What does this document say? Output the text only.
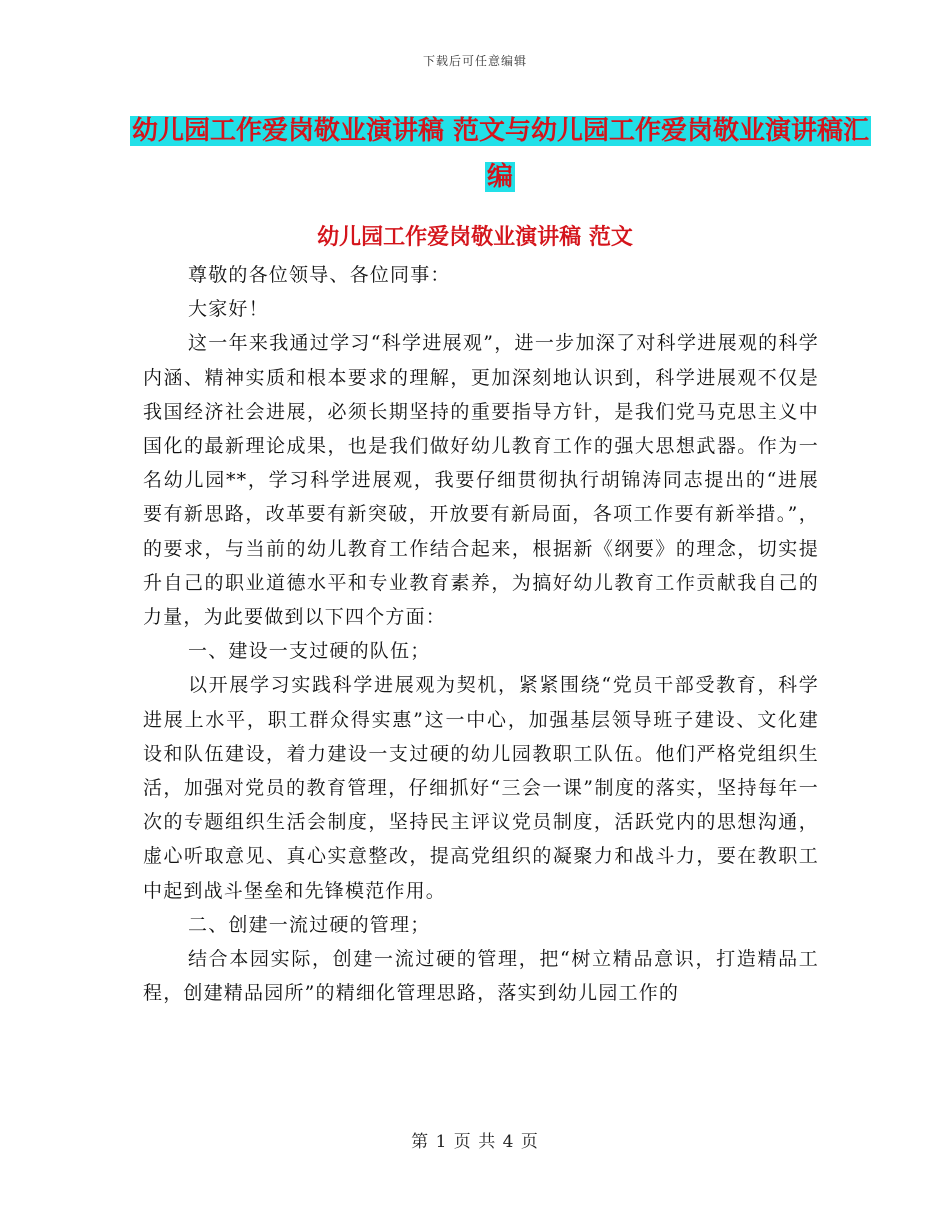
下载后可任意编辑
幼儿园工作爱岗敬业演讲稿 范文与幼儿园工作爱岗敬业演讲稿汇编
幼儿园工作爱岗敬业演讲稿 范文

尊敬的各位领导、各位同事：

大家好！

这一年来我通过学习“科学进展观”，进一步加深了对科学进展观的科学内涵、精神实质和根本要求的理解，更加深刻地认识到，科学进展观不仅是我国经济社会进展，必须长期坚持的重要指导方针，是我们党马克思主义中国化的最新理论成果，也是我们做好幼儿教育工作的强大思想武器。作为一名幼儿园**，学习科学进展观，我要仔细贯彻执行胡锦涛同志提出的“进展要有新思路，改革要有新突破，开放要有新局面，各项工作要有新举措。”，的要求，与当前的幼儿教育工作结合起来，根据新《纲要》的理念，切实提升自己的职业道德水平和专业教育素养，为搞好幼儿教育工作贡献我自己的力量，为此要做到以下四个方面：

一、建设一支过硬的队伍；

以开展学习实践科学进展观为契机，紧紧围绕“党员干部受教育，科学进展上水平，职工群众得实惠”这一中心，加强基层领导班子建设、文化建设和队伍建设，着力建设一支过硬的幼儿园教职工队伍。他们严格党组织生活，加强对党员的教育管理，仔细抓好“三会一课”制度的落实，坚持每年一次的专题组织生活会制度，坚持民主评议党员制度，活跃党内的思想沟通，虚心听取意见、真心实意整改，提高党组织的凝聚力和战斗力，要在教职工中起到战斗堡垒和先锋模范作用。

二、创建一流过硬的管理；

结合本园实际，创建一流过硬的管理，把“树立精品意识，打造精品工程，创建精品园所”的精细化管理思路，落实到幼儿园工作的

第 1 页 共 4 页
